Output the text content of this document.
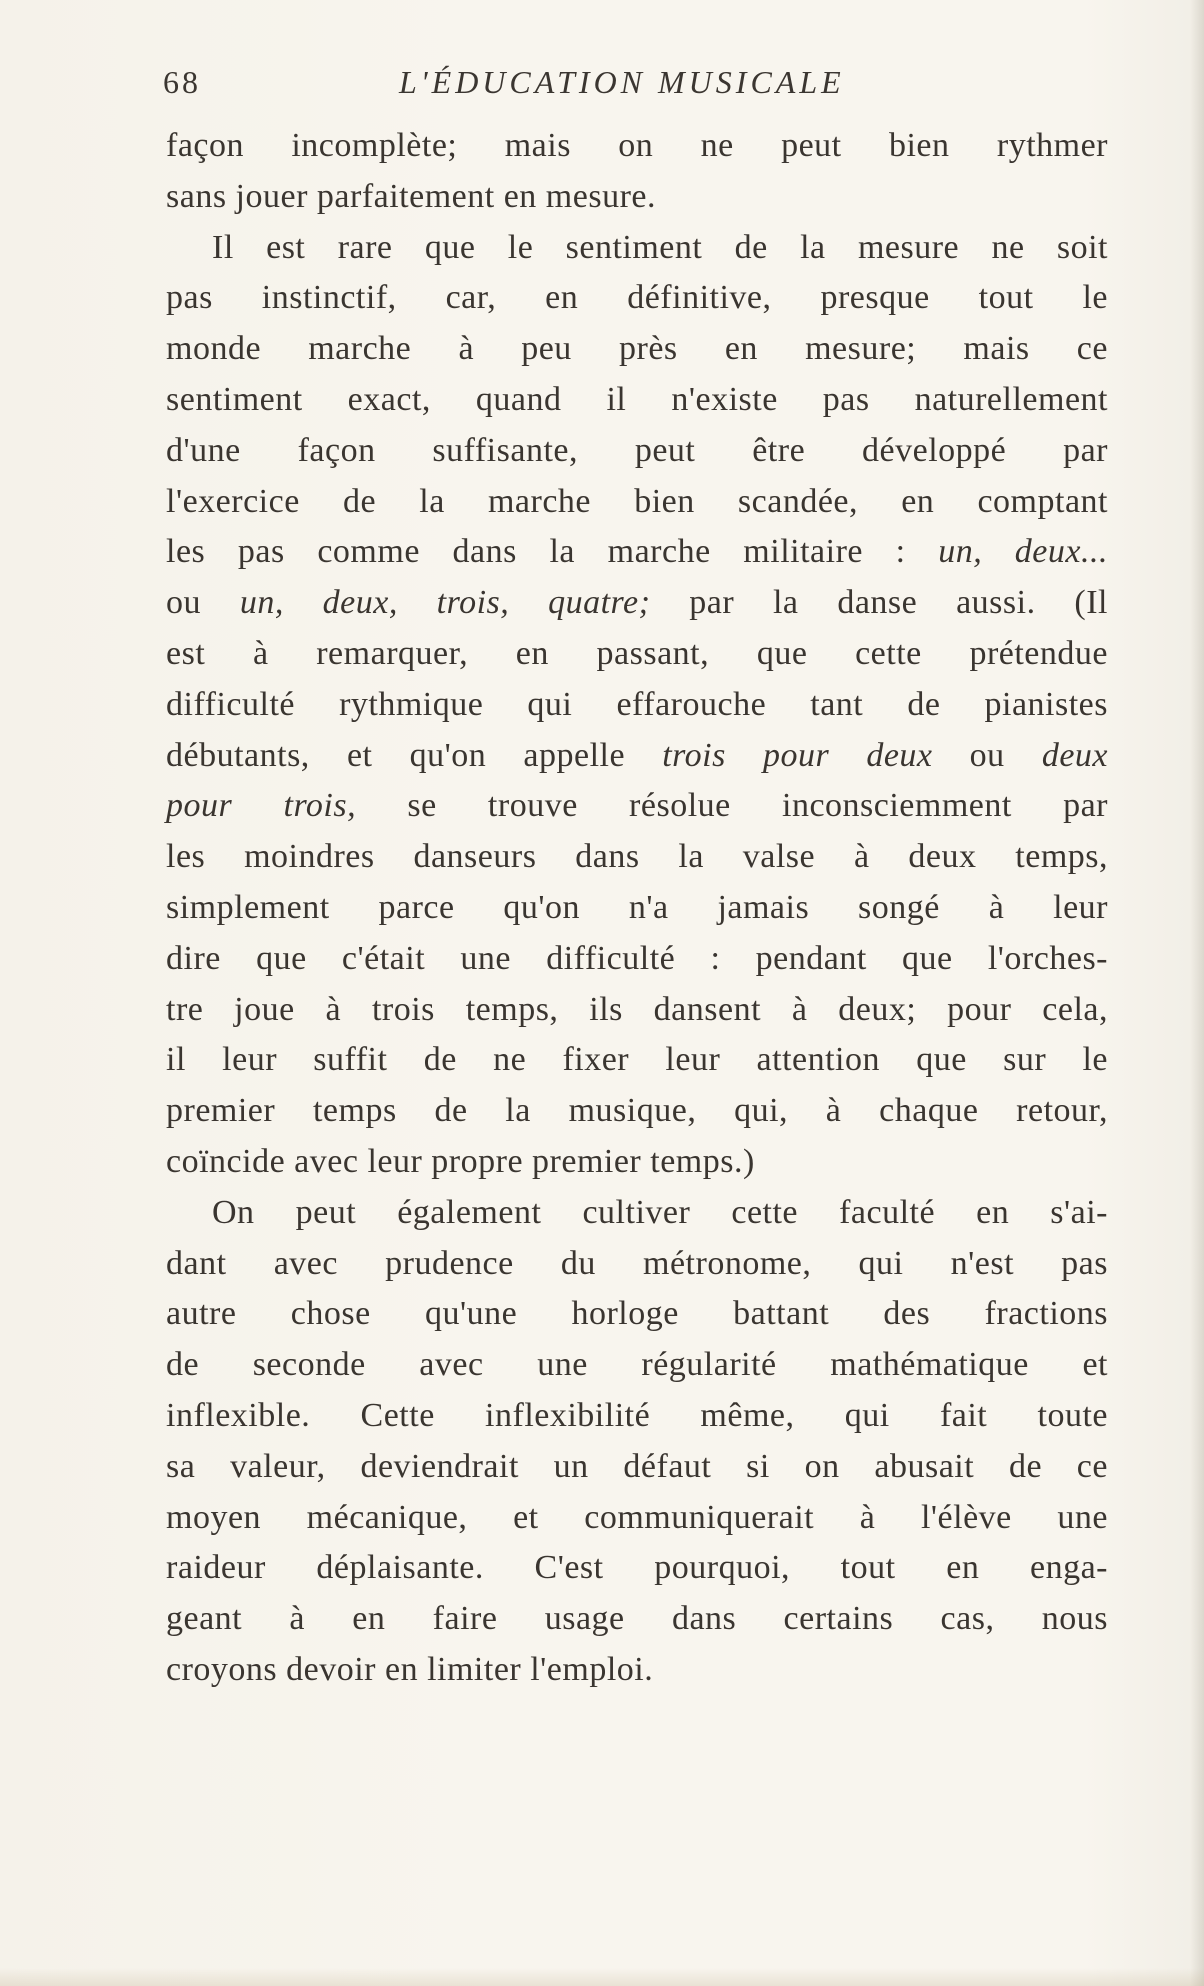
68	L'ÉDUCATION MUSICALE
façon incomplète; mais on ne peut bien rythmer
sans jouer parfaitement en mesure.
Il est rare que le sentiment de la mesure ne soit
pas instinctif, car, en définitive, presque tout le
monde marche à peu près en mesure; mais ce
sentiment exact, quand il n'existe pas naturellement
d'une façon suffisante, peut être développé par
l'exercice de la marche bien scandée, en comptant
les pas comme dans la marche militaire : un, deux...
ou un, deux, trois, quatre; par la danse aussi. (Il
est à remarquer, en passant, que cette prétendue
difficulté rythmique qui effarouche tant de pianistes
débutants, et qu'on appelle trois pour deux ou deux
pour trois, se trouve résolue inconsciemment par
les moindres danseurs dans la valse à deux temps,
simplement parce qu'on n'a jamais songé à leur
dire que c'était une difficulté : pendant que l'orches-
tre joue à trois temps, ils dansent à deux; pour cela,
il leur suffit de ne fixer leur attention que sur le
premier temps de la musique, qui, à chaque retour,
coïncide avec leur propre premier temps.)
On peut également cultiver cette faculté en s'ai-
dant avec prudence du métronome, qui n'est pas
autre chose qu'une horloge battant des fractions
de seconde avec une régularité mathématique et
inflexible. Cette inflexibilité même, qui fait toute
sa valeur, deviendrait un défaut si on abusait de ce
moyen mécanique, et communiquerait à l'élève une
raideur déplaisante. C'est pourquoi, tout en enga-
geant à en faire usage dans certains cas, nous
croyons devoir en limiter l'emploi.
